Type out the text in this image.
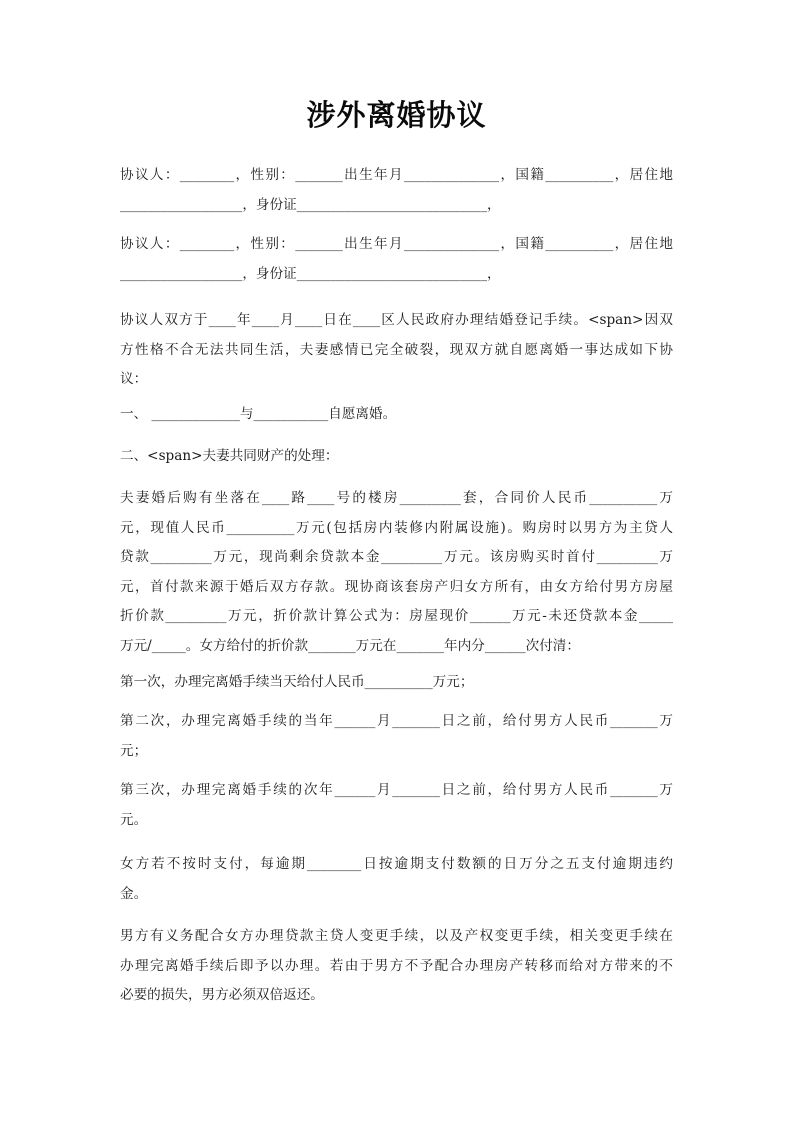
涉外离婚协议
协议人：________，性别：_______出生年月______________，国籍__________，居住地
__________________，身份证____________________________，
协议人：________，性别：_______出生年月______________，国籍__________，居住地
__________________，身份证____________________________，
协议人双方于____年____月____日在____区人民政府办理结婚登记手续。<span>因双
方性格不合无法共同生活，夫妻感情已完全破裂，现双方就自愿离婚一事达成如下协
议：
一、 _____________与___________自愿离婚。
二、<span>夫妻共同财产的处理：
夫妻婚后购有坐落在____路____号的楼房_________套，合同价人民币__________万
元，现值人民币__________万元(包括房内装修内附属设施)。购房时以男方为主贷人
贷款_________万元，现尚剩余贷款本金_________万元。该房购买时首付_________万
元，首付款来源于婚后双方存款。现协商该套房产归女方所有，由女方给付男方房屋
折价款_________万元，折价款计算公式为：房屋现价______万元-未还贷款本金_____
万元/_____。女方给付的折价款_______万元在_______年内分______次付清：
第一次，办理完离婚手续当天给付人民币__________万元；
第二次，办理完离婚手续的当年______月_______日之前，给付男方人民币_______万
元；
第三次，办理完离婚手续的次年______月_______日之前，给付男方人民币_______万
元。
女方若不按时支付，每逾期________日按逾期支付数额的日万分之五支付逾期违约
金。
男方有义务配合女方办理贷款主贷人变更手续，以及产权变更手续，相关变更手续在
办理完离婚手续后即予以办理。若由于男方不予配合办理房产转移而给对方带来的不
必要的损失，男方必须双倍返还。
